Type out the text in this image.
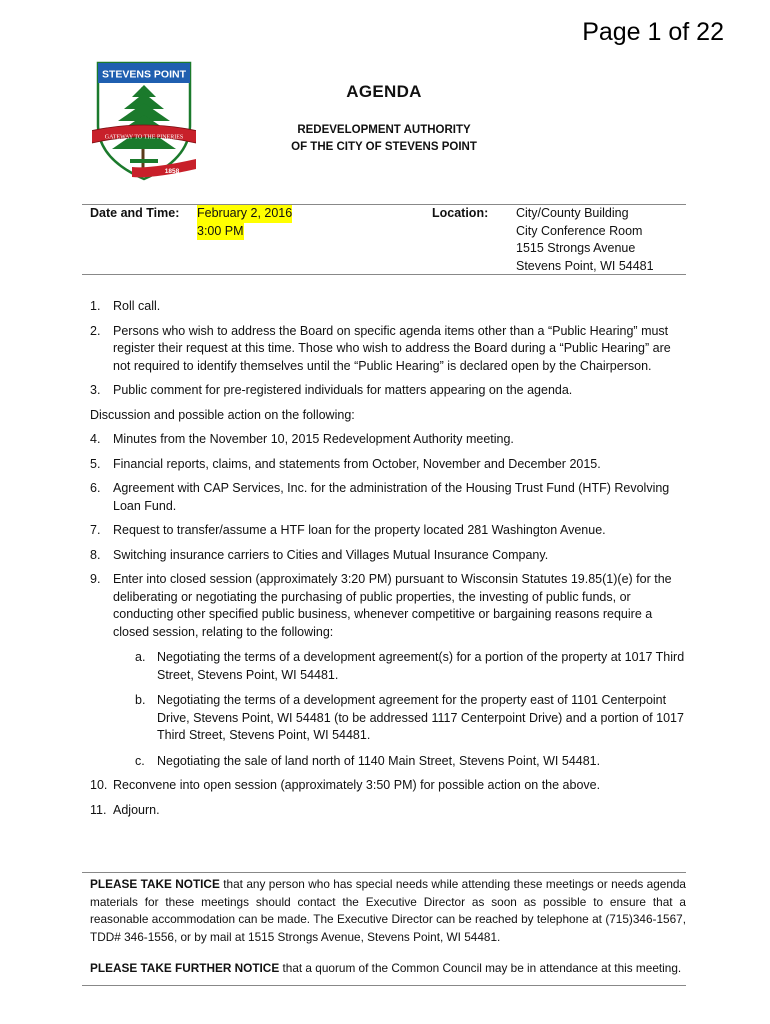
Page 1 of 22
STEVENS POINT
GATEWAY TO THE PINERIES
1858
AGENDA
REDEVELOPMENT AUTHORITY
OF THE CITY OF STEVENS POINT
Date and Time: February 2, 2016
3:00 PM
Location: City/County Building
City Conference Room
1515 Strongs Avenue
Stevens Point, WI 54481
1. Roll call.
2. Persons who wish to address the Board on specific agenda items other than a “Public Hearing” must register their request at this time. Those who wish to address the Board during a “Public Hearing” are not required to identify themselves until the “Public Hearing” is declared open by the Chairperson.
3. Public comment for pre-registered individuals for matters appearing on the agenda.
Discussion and possible action on the following:
4. Minutes from the November 10, 2015 Redevelopment Authority meeting.
5. Financial reports, claims, and statements from October, November and December 2015.
6. Agreement with CAP Services, Inc. for the administration of the Housing Trust Fund (HTF) Revolving Loan Fund.
7. Request to transfer/assume a HTF loan for the property located 281 Washington Avenue.
8. Switching insurance carriers to Cities and Villages Mutual Insurance Company.
9. Enter into closed session (approximately 3:20 PM) pursuant to Wisconsin Statutes 19.85(1)(e) for the deliberating or negotiating the purchasing of public properties, the investing of public funds, or conducting other specified public business, whenever competitive or bargaining reasons require a closed session, relating to the following:
a. Negotiating the terms of a development agreement(s) for a portion of the property at 1017 Third Street, Stevens Point, WI 54481.
b. Negotiating the terms of a development agreement for the property east of 1101 Centerpoint Drive, Stevens Point, WI 54481 (to be addressed 1117 Centerpoint Drive) and a portion of 1017 Third Street, Stevens Point, WI 54481.
c. Negotiating the sale of land north of 1140 Main Street, Stevens Point, WI 54481.
10. Reconvene into open session (approximately 3:50 PM) for possible action on the above.
11. Adjourn.
PLEASE TAKE NOTICE that any person who has special needs while attending these meetings or needs agenda materials for these meetings should contact the Executive Director as soon as possible to ensure that a reasonable accommodation can be made. The Executive Director can be reached by telephone at (715)346-1567, TDD# 346-1556, or by mail at 1515 Strongs Avenue, Stevens Point, WI 54481.
PLEASE TAKE FURTHER NOTICE that a quorum of the Common Council may be in attendance at this meeting.
